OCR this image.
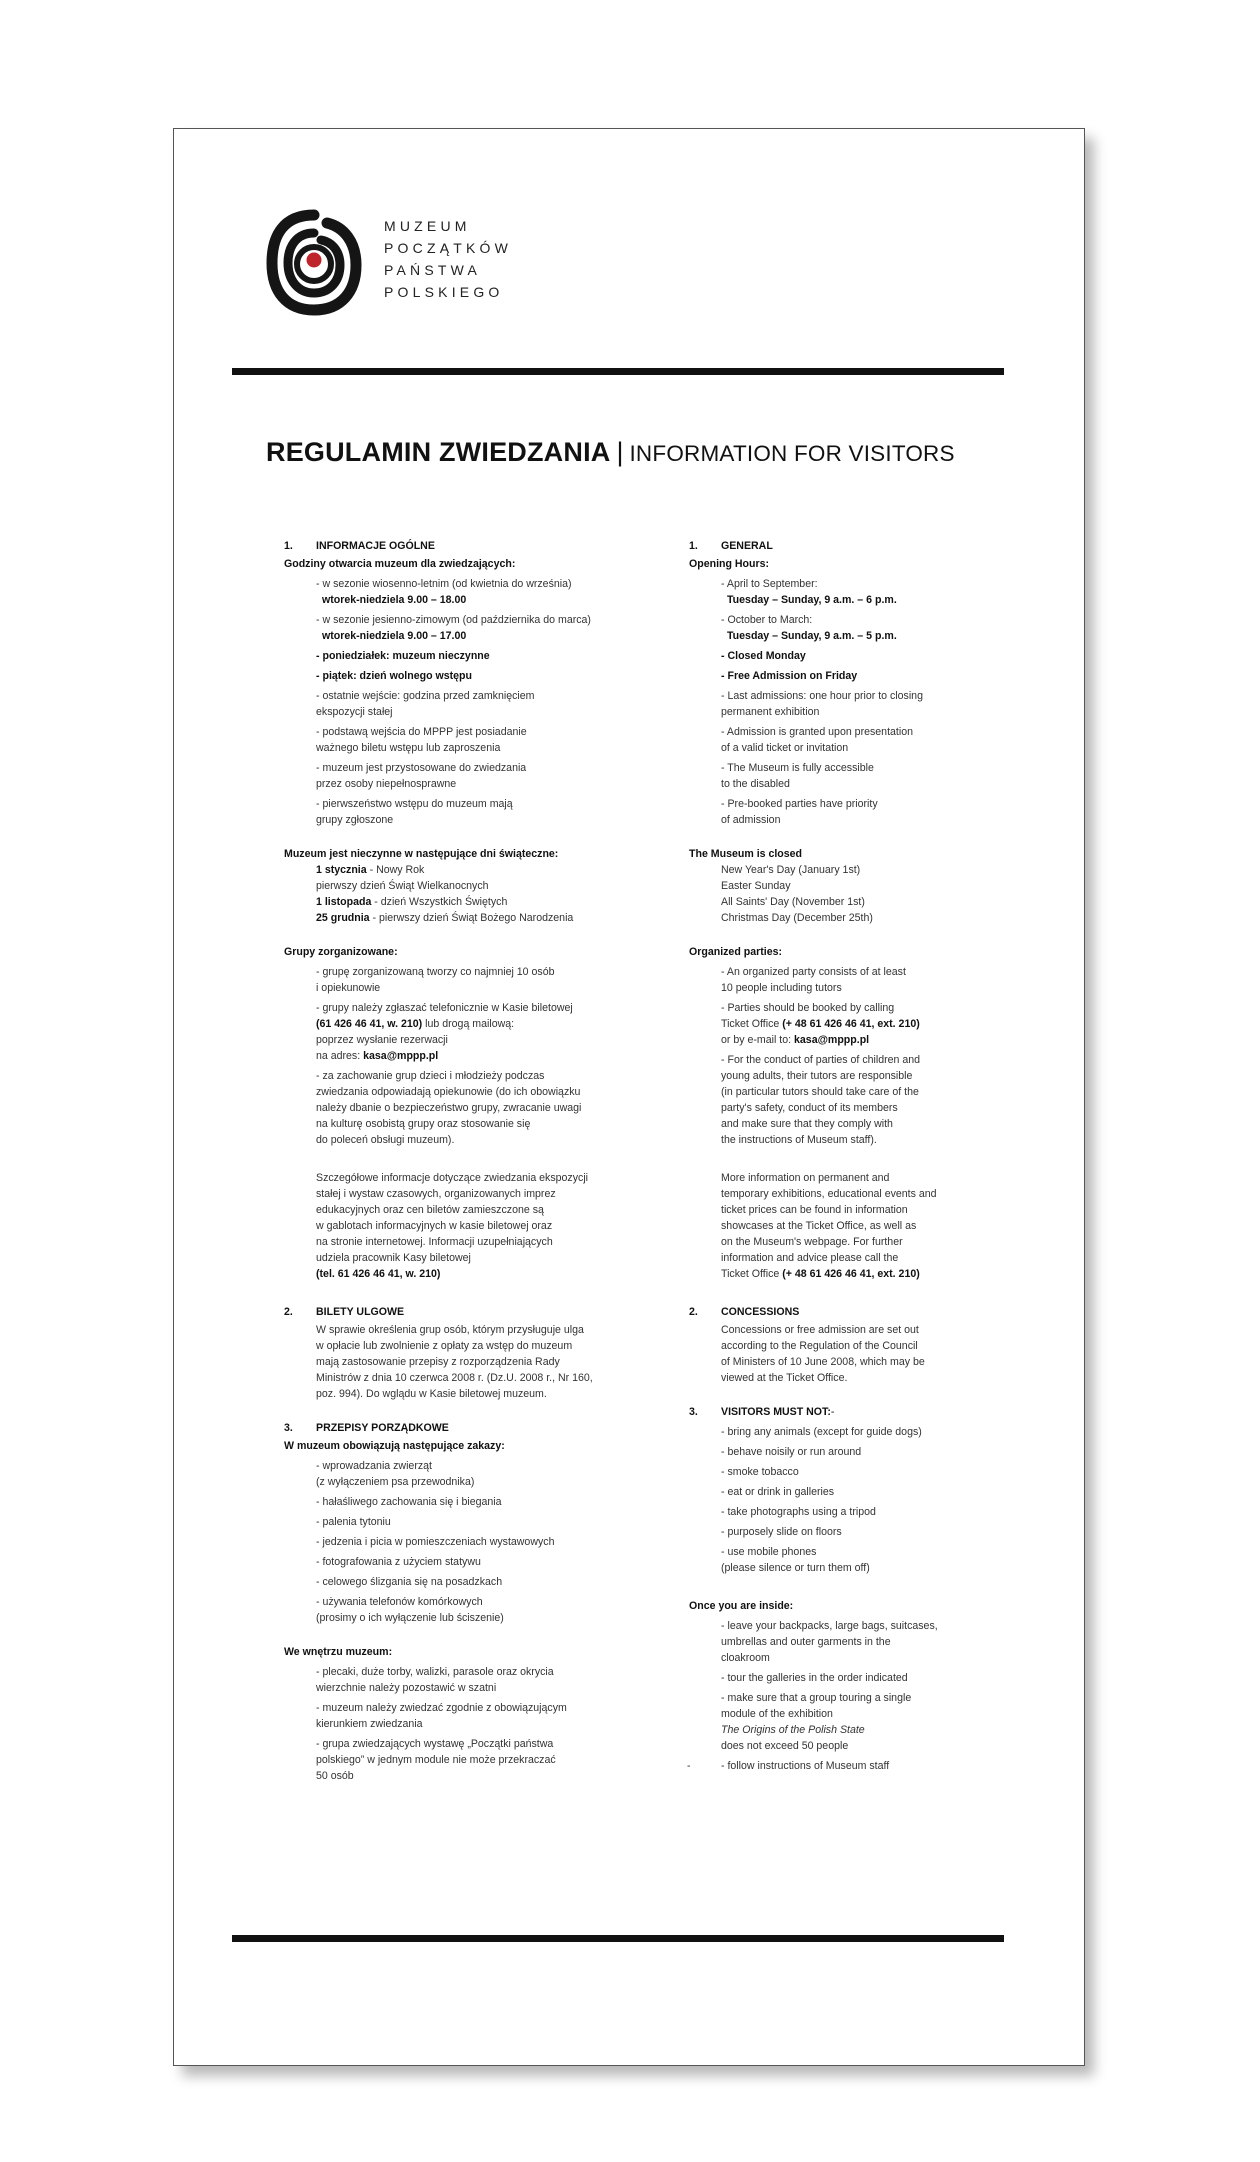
MUZEUM
POCZĄTKÓW
PAŃSTWA
POLSKIEGO
REGULAMIN ZWIEDZANIA | INFORMATION FOR VISITORS
1.	INFORMACJE OGÓLNE
Godziny otwarcia muzeum dla zwiedzających:
- w sezonie wiosenno-letnim (od kwietnia do września)
wtorek-niedziela 9.00 – 18.00
- w sezonie jesienno-zimowym (od października do marca)
wtorek-niedziela 9.00 – 17.00
- poniedziałek: muzeum nieczynne
- piątek: dzień wolnego wstępu
- ostatnie wejście: godzina przed zamknięciem
ekspozycji stałej
- podstawą wejścia do MPPP jest posiadanie
ważnego biletu wstępu lub zaproszenia
- muzeum jest przystosowane do zwiedzania
przez osoby niepełnosprawne
- pierwszeństwo wstępu do muzeum mają
grupy zgłoszone
Muzeum jest nieczynne w następujące dni świąteczne:
1 stycznia - Nowy Rok
pierwszy dzień Świąt Wielkanocnych
1 listopada - dzień Wszystkich Świętych
25 grudnia - pierwszy dzień Świąt Bożego Narodzenia
Grupy zorganizowane:
- grupę zorganizowaną tworzy co najmniej 10 osób
i opiekunowie
- grupy należy zgłaszać telefonicznie w Kasie biletowej
(61 426 46 41, w. 210) lub drogą mailową:
poprzez wysłanie rezerwacji
na adres: kasa@mppp.pl
- za zachowanie grup dzieci i młodzieży podczas
zwiedzania odpowiadają opiekunowie (do ich obowiązku
należy dbanie o bezpieczeństwo grupy, zwracanie uwagi
na kulturę osobistą grupy oraz stosowanie się
do poleceń obsługi muzeum).
Szczegółowe informacje dotyczące zwiedzania ekspozycji
stałej i wystaw czasowych, organizowanych imprez
edukacyjnych oraz cen biletów zamieszczone są
w gablotach informacyjnych w kasie biletowej oraz
na stronie internetowej. Informacji uzupełniających
udziela pracownik Kasy biletowej
(tel. 61 426 46 41, w. 210)
2.	BILETY ULGOWE
W sprawie określenia grup osób, którym przysługuje ulga
w opłacie lub zwolnienie z opłaty za wstęp do muzeum
mają zastosowanie przepisy z rozporządzenia Rady
Ministrów z dnia 10 czerwca 2008 r. (Dz.U. 2008 r., Nr 160,
poz. 994). Do wglądu w Kasie biletowej muzeum.
3.	PRZEPISY PORZĄDKOWE
W muzeum obowiązują następujące zakazy:
- wprowadzania zwierząt
(z wyłączeniem psa przewodnika)
- hałaśliwego zachowania się i biegania
- palenia tytoniu
- jedzenia i picia w pomieszczeniach wystawowych
- fotografowania z użyciem statywu
- celowego ślizgania się na posadzkach
- używania telefonów komórkowych
(prosimy o ich wyłączenie lub ściszenie)
We wnętrzu muzeum:
- plecaki, duże torby, walizki, parasole oraz okrycia
wierzchnie należy pozostawić w szatni
- muzeum należy zwiedzać zgodnie z obowiązującym
kierunkiem zwiedzania
- grupa zwiedzających wystawę „Początki państwa
polskiego” w jednym module nie może przekraczać
50 osób
1.	GENERAL
Opening Hours:
- April to September:
Tuesday – Sunday, 9 a.m. – 6 p.m.
- October to March:
Tuesday – Sunday, 9 a.m. – 5 p.m.
- Closed Monday
- Free Admission on Friday
- Last admissions: one hour prior to closing
permanent exhibition
- Admission is granted upon presentation
of a valid ticket or invitation
- The Museum is fully accessible
to the disabled
- Pre-booked parties have priority
of admission
The Museum is closed
New Year's Day (January 1st)
Easter Sunday
All Saints' Day (November 1st)
Christmas Day (December 25th)
Organized parties:
- An organized party consists of at least
10 people including tutors
- Parties should be booked by calling
Ticket Office (+ 48 61 426 46 41, ext. 210)
or by e-mail to: kasa@mppp.pl
- For the conduct of parties of children and
young adults, their tutors are responsible
(in particular tutors should take care of the
party's safety, conduct of its members
and make sure that they comply with
the instructions of Museum staff).
More information on permanent and
temporary exhibitions, educational events and
ticket prices can be found in information
showcases at the Ticket Office, as well as
on the Museum's webpage. For further
information and advice please call the
Ticket Office (+ 48 61 426 46 41, ext. 210)
2.	CONCESSIONS
Concessions or free admission are set out
according to the Regulation of the Council
of Ministers of 10 June 2008, which may be
viewed at the Ticket Office.
3.	VISITORS MUST NOT:-
- bring any animals (except for guide dogs)
- behave noisily or run around
- smoke tobacco
- eat or drink in galleries
- take photographs using a tripod
- purposely slide on floors
- use mobile phones
(please silence or turn them off)
Once you are inside:
- leave your backpacks, large bags, suitcases,
umbrellas and outer garments in the
cloakroom
- tour the galleries in the order indicated
- make sure that a group touring a single
module of the exhibition
The Origins of the Polish State
does not exceed 50 people
-	- follow instructions of Museum staff
